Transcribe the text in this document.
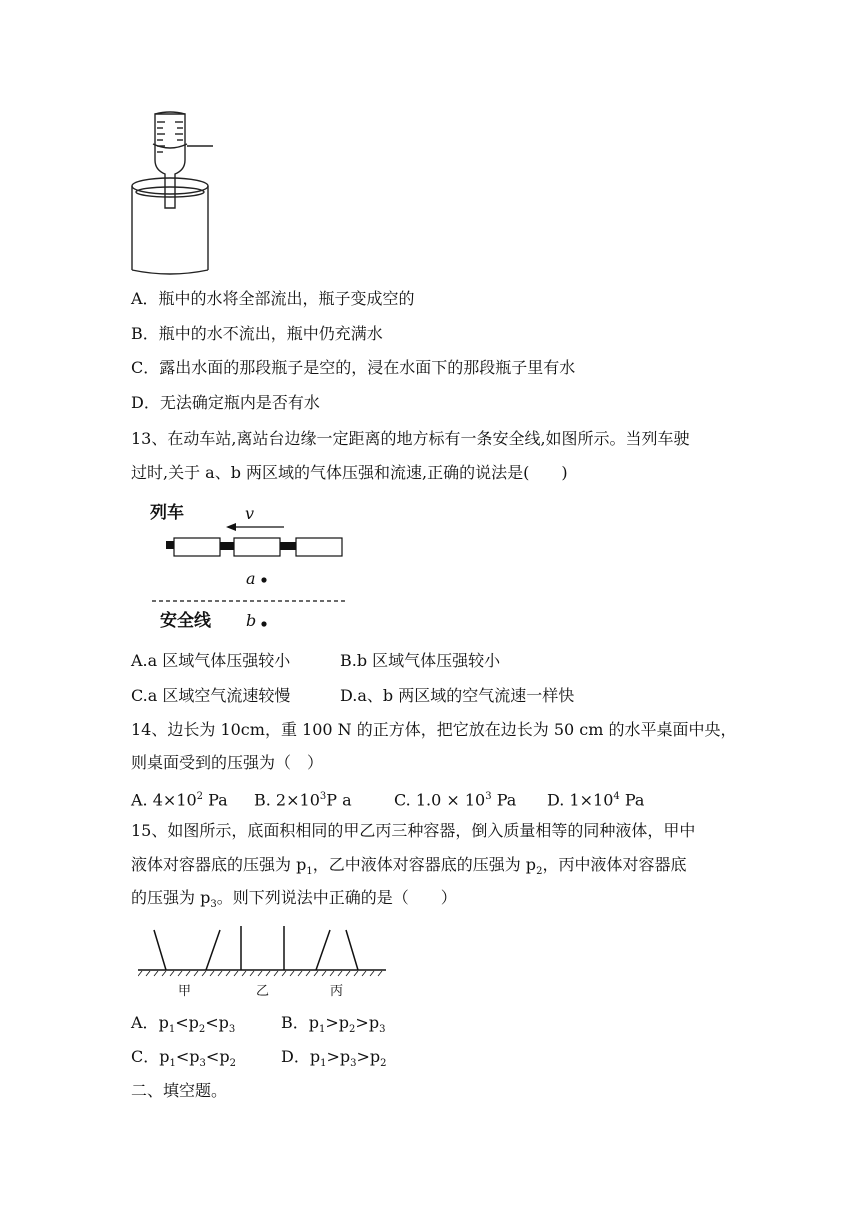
A．瓶中的水将全部流出，瓶子变成空的
B．瓶中的水不流出，瓶中仍充满水
C．露出水面的那段瓶子是空的，浸在水面下的那段瓶子里有水
D．无法确定瓶内是否有水
13、在动车站,离站台边缘一定距离的地方标有一条安全线,如图所示。当列车驶
过时,关于 a、b 两区域的气体压强和流速,正确的说法是(　　)
列车	v
a
安全线 b
A.a 区域气体压强较小	B.b 区域气体压强较小
C.a 区域空气流速较慢	D.a、b 两区域的空气流速一样快
14、边长为 10cm，重 100 N 的正方体，把它放在边长为 50 cm 的水平桌面中央，
则桌面受到的压强为（　）
A. $4\times 10^2$ Pa B. $2\times 10^3P$ a	C. $1.0 \times 10^3$ Pa D. $1\times 10^4$ Pa
15、如图所示，底面积相同的甲乙丙三种容器，倒入质量相等的同种液体，甲中
液体对容器底的压强为 $p_1$，乙中液体对容器底的压强为 $p_2$，丙中液体对容器底
的压强为 $p_3$。则下列说法中正确的是（　　）
甲	乙	丙
A．$p_1<p_2<p_3$	B．$p_1>p_2>p_3$
C．$p_1<p_3<p_2$	D．$p_1>p_3>p_2$
二、填空题。
